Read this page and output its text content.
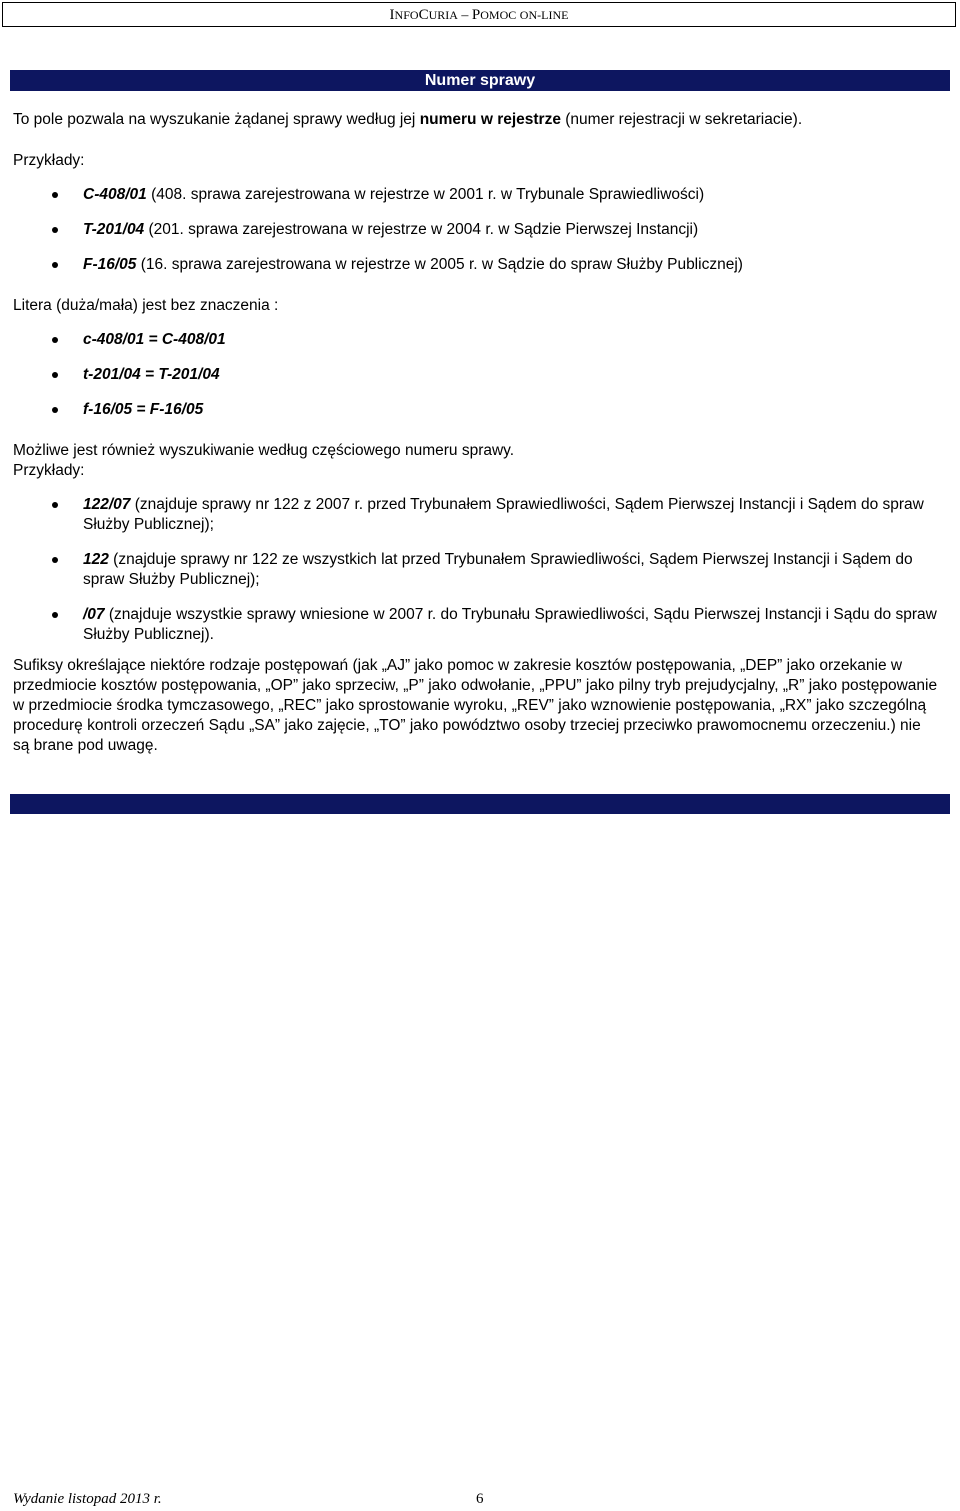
INFOCURIA – POMOC ON-LINE
Numer sprawy

To pole pozwala na wyszukanie żądanej sprawy według jej numeru w rejestrze (numer rejestracji w sekretariacie).

Przykłady:

C-408/01 (408. sprawa zarejestrowana w rejestrze w 2001 r. w Trybunale Sprawiedliwości)
T-201/04 (201. sprawa zarejestrowana w rejestrze w 2004 r. w Sądzie Pierwszej Instancji)
F-16/05 (16. sprawa zarejestrowana w rejestrze w 2005 r. w Sądzie do spraw Służby Publicznej)

Litera (duża/mała) jest bez znaczenia :

c-408/01 = C-408/01
t-201/04 = T-201/04
f-16/05 = F-16/05

Możliwe jest również wyszukiwanie według częściowego numeru sprawy.

Przykłady:

122/07 (znajduje sprawy nr 122 z 2007 r. przed Trybunałem Sprawiedliwości, Sądem Pierwszej Instancji i Sądem do spraw Służby Publicznej);
122 (znajduje sprawy nr 122 ze wszystkich lat przed Trybunałem Sprawiedliwości, Sądem Pierwszej Instancji i Sądem do spraw Służby Publicznej);
/07 (znajduje wszystkie sprawy wniesione w 2007 r. do Trybunału Sprawiedliwości, Sądu Pierwszej Instancji i Sądu do spraw Służby Publicznej).

Sufiksy określające niektóre rodzaje postępowań (jak „AJ” jako pomoc w zakresie kosztów postępowania, „DEP” jako orzekanie w przedmiocie kosztów postępowania, „OP” jako sprzeciw, „P” jako odwołanie, „PPU” jako pilny tryb prejudycjalny, „R” jako postępowanie w przedmiocie środka tymczasowego, „REC” jako sprostowanie wyroku, „REV” jako wznowienie postępowania, „RX” jako szczególną procedurę kontroli orzeczeń Sądu „SA” jako zajęcie, „TO” jako powództwo osoby trzeciej przeciwko prawomocnemu orzeczeniu.) nie są brane pod uwagę.

Wydanie listopad 2013 r.	6
